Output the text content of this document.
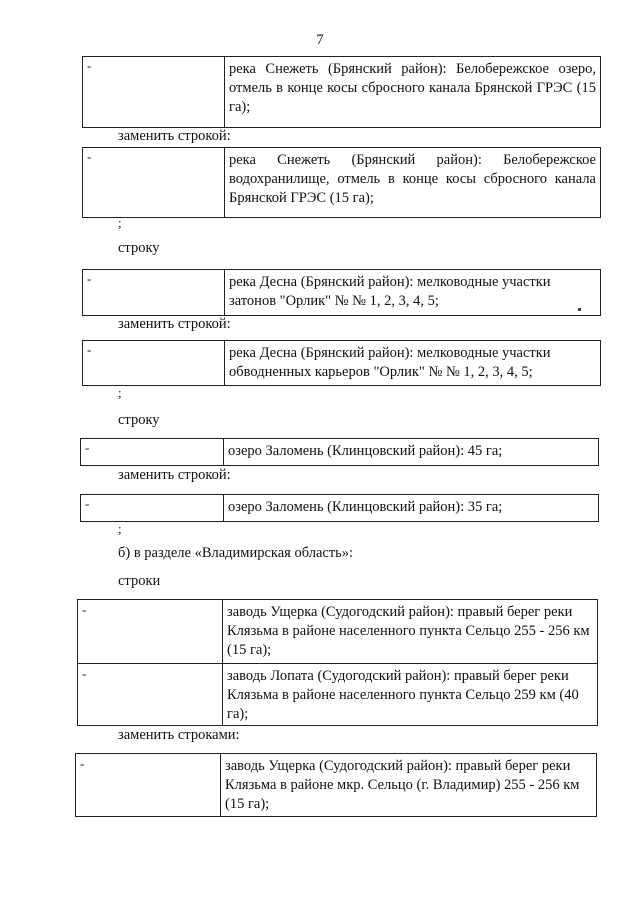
7
-	река Снежеть (Брянский район): Белобережское озеро, отмель в конце косы сбросного канала Брянской ГРЭС (15 га);
заменить строкой:
-	река Снежеть (Брянский район): Белобережское водохранилище, отмель в конце косы сбросного канала Брянской ГРЭС (15 га);
;
строку
-	река Десна (Брянский район): мелководные участки затонов "Орлик" № № 1, 2, 3, 4, 5;
заменить строкой:
-	река Десна (Брянский район): мелководные участки обводненных карьеров "Орлик" № № 1, 2, 3, 4, 5;
;
строку
-	озеро Заломень (Клинцовский район): 45 га;
заменить строкой:
-	озеро Заломень (Клинцовский район): 35 га;
;
б) в разделе «Владимирская область»:
строки
-	заводь Ущерка (Судогодский район): правый берег реки Клязьма в районе населенного пункта Сельцо 255 - 256 км (15 га);
-	заводь Лопата (Судогодский район): правый берег реки Клязьма в районе населенного пункта Сельцо 259 км (40 га);
заменить строками:
-	заводь Ущерка (Судогодский район): правый берег реки Клязьма в районе мкр. Сельцо (г. Владимир) 255 - 256 км (15 га);
